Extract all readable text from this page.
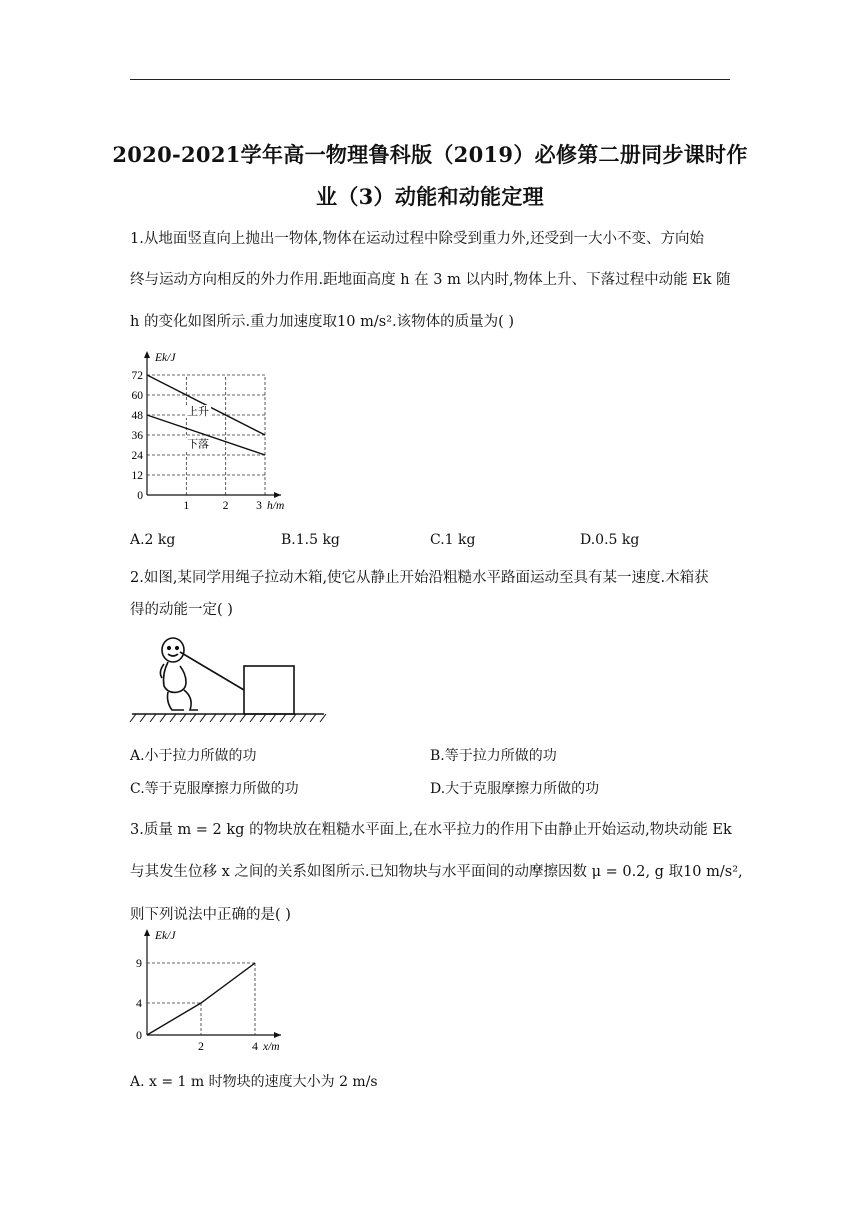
2020-2021学年高一物理鲁科版（2019）必修第二册同步课时作
业（3）动能和动能定理
1.从地面竖直向上抛出一物体,物体在运动过程中除受到重力外,还受到一大小不变、方向始
终与运动方向相反的外力作用.距地面高度 h 在 3 m 以内时,物体上升、下落过程中动能 Ek 随
h 的变化如图所示.重力加速度取10 m/s².该物体的质量为( )
0
12
24
36
48
60
72
1	2 3 h/m
Ek/J
上升
下落
A.2 kg	B.1.5 kg	C.1 kg	D.0.5 kg
2.如图,某同学用绳子拉动木箱,使它从静止开始沿粗糙水平路面运动至具有某一速度.木箱获
得的动能一定( )
A.小于拉力所做的功	B.等于拉力所做的功
C.等于克服摩擦力所做的功	D.大于克服摩擦力所做的功
3.质量 m = 2 kg 的物块放在粗糙水平面上,在水平拉力的作用下由静止开始运动,物块动能 Ek
与其发生位移 x 之间的关系如图所示.已知物块与水平面间的动摩擦因数 μ = 0.2, g 取10 m/s²,
则下列说法中正确的是( )
0
4
9
2	4 x/m
Ek/J
A. x = 1 m 时物块的速度大小为 2 m/s
